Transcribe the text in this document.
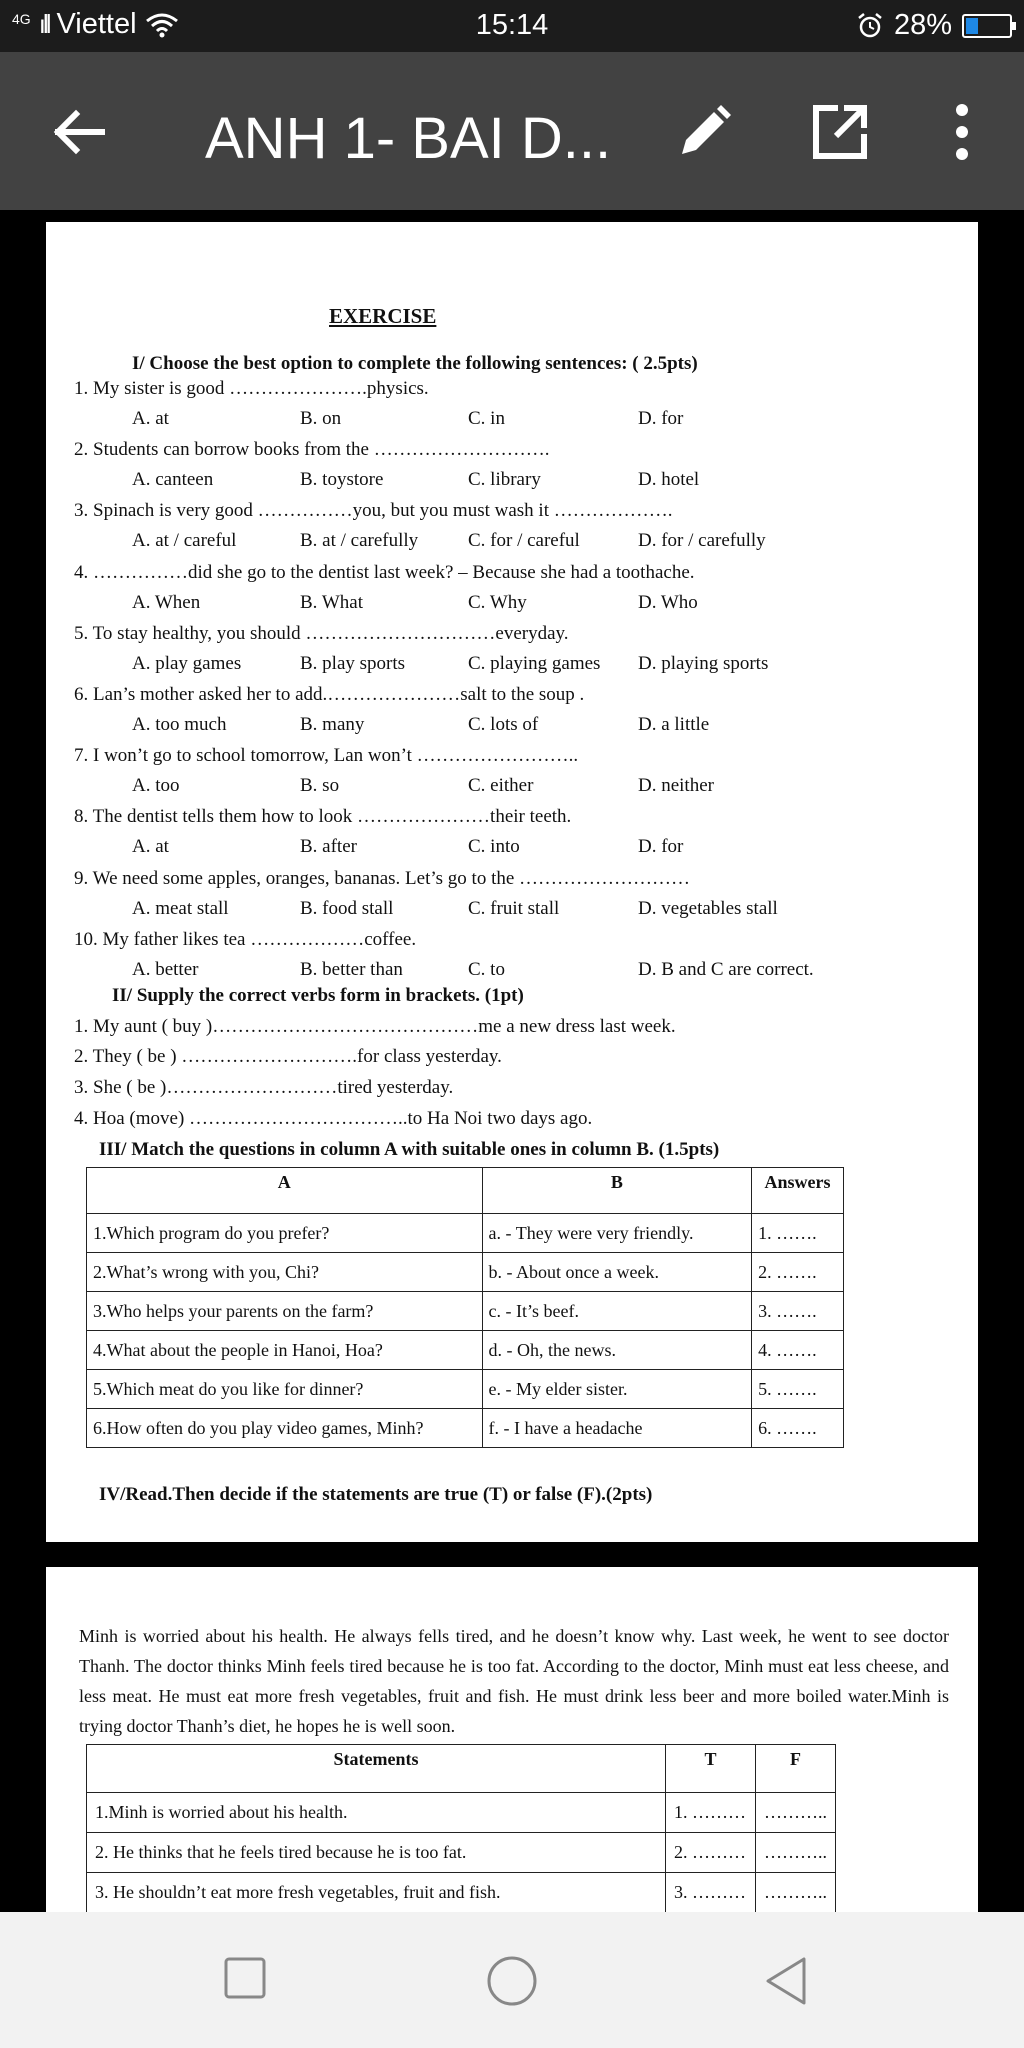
4G ıll Viettel	15:14	28%
ANH 1- BAI D...
EXERCISE
I/ Choose the best option to complete the following sentences: ( 2.5pts)
1. My sister is good ………………….physics.
A. at	B. on	C. in	D. for
2. Students can borrow books from the ……………………….
A. canteen	B. toystore	C. library	D. hotel
3. Spinach is very good ……………you, but you must wash it ……………….
A. at / careful	B. at / carefully	C. for / careful	D. for / carefully
4. ……………did she go to the dentist last week? – Because she had a toothache.
A. When	B. What	C. Why	D. Who
5. To stay healthy, you should …………………………everyday.
A. play games	B. play sports	C. playing games D. playing sports
6. Lan’s mother asked her to add.…………………salt to the soup .
A. too much	B. many	C. lots of	D. a little
7. I won’t go to school tomorrow, Lan won’t ……………………..
A. too	B. so	C. either	D. neither
8. The dentist tells them how to look …………………their teeth.
A. at	B. after	C. into	D. for
9. We need some apples, oranges, bananas. Let’s go to the ………………………
A. meat stall	B. food stall	C. fruit stall	D. vegetables stall
10. My father likes tea ………………coffee.
A. better	B. better than	C. to	D. B and C are correct.
II/ Supply the correct verbs form in brackets. (1pt)
1. My aunt ( buy )……………………………………me a new dress last week.
2. They ( be ) ……………………….for class yesterday.
3. She ( be )………………………tired yesterday.
4. Hoa (move) ……………………………..to Ha Noi two days ago.
III/ Match the questions in column A with suitable ones in column B. (1.5pts)
A	B	Answers
1.Which program do you prefer?	a. - They were very friendly.	1. …….
2.What’s wrong with you, Chi?	b. - About once a week.	2. …….
3.Who helps your parents on the farm?	c. - It’s beef.	3. …….
4.What about the people in Hanoi, Hoa?	d. - Oh, the news.	4. …….
5.Which meat do you like for dinner?	e. - My elder sister.	5. …….
6.How often do you play video games, Minh?	f. - I have a headache	6. …….
IV/Read.Then decide if the statements are true (T) or false (F).(2pts)
Minh is worried about his health. He always fells tired, and he doesn’t know why. Last week, he went to see doctor Thanh. The doctor thinks Minh feels tired because he is too fat. According to the doctor, Minh must eat less cheese, and less meat. He must eat more fresh vegetables, fruit and fish. He must drink less beer and more boiled water.Minh is trying doctor Thanh’s diet, he hopes he is well soon.
Statements	T	F
1.Minh is worried about his health.	1. ………	………..
2. He thinks that he feels tired because he is too fat.	2. ………	………..
3. He shouldn’t eat more fresh vegetables, fruit and fish.	3. ………	………..
